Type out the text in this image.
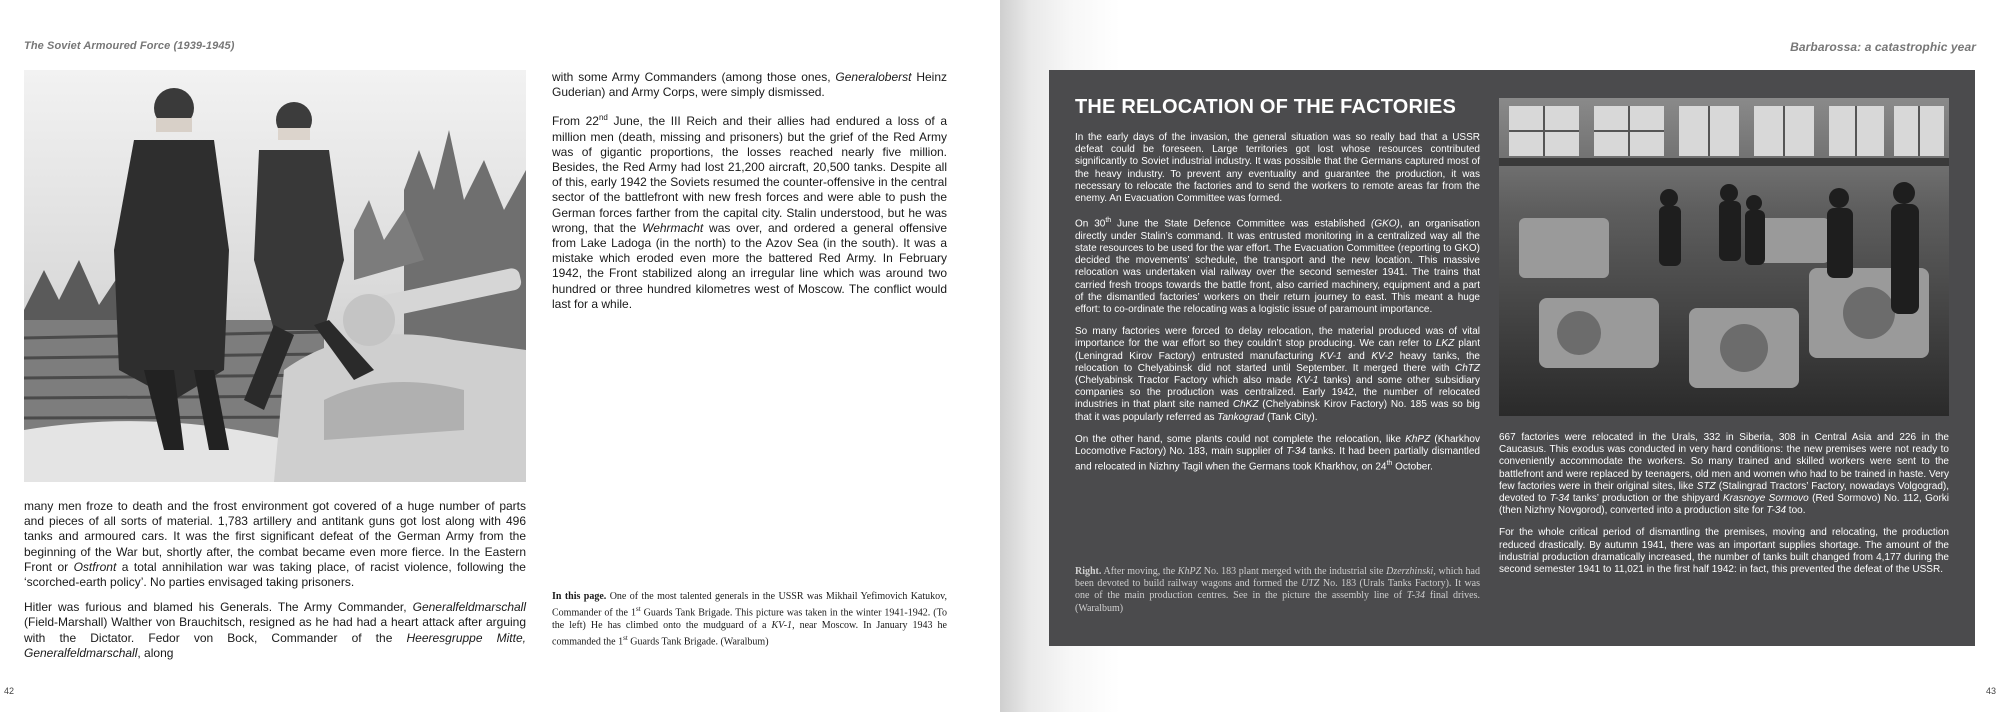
The Soviet Armoured Force (1939-1945)

with some Army Commanders (among those ones, Generaloberst Heinz Guderian) and Army Corps, were simply dismissed.

From 22nd June, the III Reich and their allies had endured a loss of a million men (death, missing and prisoners) but the grief of the Red Army was of gigantic proportions, the losses reached nearly five million. Besides, the Red Army had lost 21,200 aircraft, 20,500 tanks. Despite all of this, early 1942 the Soviets resumed the counter-offensive in the central sector of the battlefront with new fresh forces and were able to push the German forces farther from the capital city. Stalin understood, but he was wrong, that the Wehrmacht was over, and ordered a general offensive from Lake Ladoga (in the north) to the Azov Sea (in the south). It was a mistake which eroded even more the battered Red Army. In February 1942, the Front stabilized along an irregular line which was around two hundred or three hundred kilometres west of Moscow. The conflict would last for a while.

many men froze to death and the frost environment got covered of a huge number of parts and pieces of all sorts of material. 1,783 artillery and antitank guns got lost along with 496 tanks and armoured cars. It was the first significant defeat of the German Army from the beginning of the War but, shortly after, the combat became even more fierce. In the Eastern Front or Ostfront a total annihilation war was taking place, of racist violence, following the ‘scorched-earth policy’. No parties envisaged taking prisoners.

Hitler was furious and blamed his Generals. The Army Commander, Generalfeldmarschall (Field-Marshall) Walther von Brauchitsch, resigned as he had had a heart attack after arguing with the Dictator. Fedor von Bock, Commander of the Heeresgruppe Mitte, Generalfeldmarschall, along

In this page. One of the most talented generals in the USSR was Mikhail Yefimovich Katukov, Commander of the 1st Guards Tank Brigade. This picture was taken in the winter 1941-1942. (To the left) He has climbed onto the mudguard of a KV-1, near Moscow. In January 1943 he commanded the 1st Guards Tank Brigade. (Waralbum)
42
Barbarossa: a catastrophic year
THE RELOCATION OF THE FACTORIES

In the early days of the invasion, the general situation was so really bad that a USSR defeat could be foreseen. Large territories got lost whose resources contributed significantly to Soviet industrial industry. It was possible that the Germans captured most of the heavy industry. To prevent any eventuality and guarantee the production, it was necessary to relocate the factories and to send the workers to remote areas far from the enemy. An Evacuation Committee was formed.

On 30th June the State Defence Committee was established (GKO), an organisation directly under Stalin’s command. It was entrusted monitoring in a centralized way all the state resources to be used for the war effort. The Evacuation Committee (reporting to GKO) decided the movements’ schedule, the transport and the new location. This massive relocation was undertaken vial railway over the second semester 1941. The trains that carried fresh troops towards the battle front, also carried machinery, equipment and a part of the dismantled factories’ workers on their return journey to east. This meant a huge effort: to co-ordinate the relocating was a logistic issue of paramount importance.

So many factories were forced to delay relocation, the material produced was of vital importance for the war effort so they couldn’t stop producing. We can refer to LKZ plant (Leningrad Kirov Factory) entrusted manufacturing KV-1 and KV-2 heavy tanks, the relocation to Chelyabinsk did not started until September. It merged there with ChTZ (Chelyabinsk Tractor Factory which also made KV-1 tanks) and some other subsidiary companies so the production was centralized. Early 1942, the number of relocated industries in that plant site named ChKZ (Chelyabinsk Kirov Factory) No. 185 was so big that it was popularly referred as Tankograd (Tank City).

On the other hand, some plants could not complete the relocation, like KhPZ (Kharkhov Locomotive Factory) No. 183, main supplier of T-34 tanks. It had been partially dismantled and relocated in Nizhny Tagil when the Germans took Kharkhov, on 24th October.

667 factories were relocated in the Urals, 332 in Siberia, 308 in Central Asia and 226 in the Caucasus. This exodus was conducted in very hard conditions: the new premises were not ready to conveniently accommodate the workers. So many trained and skilled workers were sent to the battlefront and were replaced by teenagers, old men and women who had to be trained in haste. Very few factories were in their original sites, like STZ (Stalingrad Tractors’ Factory, nowadays Volgograd), devoted to T-34 tanks’ production or the shipyard Krasnoye Sormovo (Red Sormovo) No. 112, Gorki (then Nizhny Novgorod), converted into a production site for T-34 too.

For the whole critical period of dismantling the premises, moving and relocating, the production reduced drastically. By autumn 1941, there was an important supplies shortage. The amount of the industrial production dramatically increased, the number of tanks built changed from 4,177 during the second semester 1941 to 11,021 in the first half 1942: in fact, this prevented the defeat of the USSR.

Right. After moving, the KhPZ No. 183 plant merged with the industrial site Dzerzhinski, which had been devoted to build railway wagons and formed the UTZ No. 183 (Urals Tanks Factory). It was one of the main production centres. See in the picture the assembly line of T-34 final drives. (Waralbum)
43
